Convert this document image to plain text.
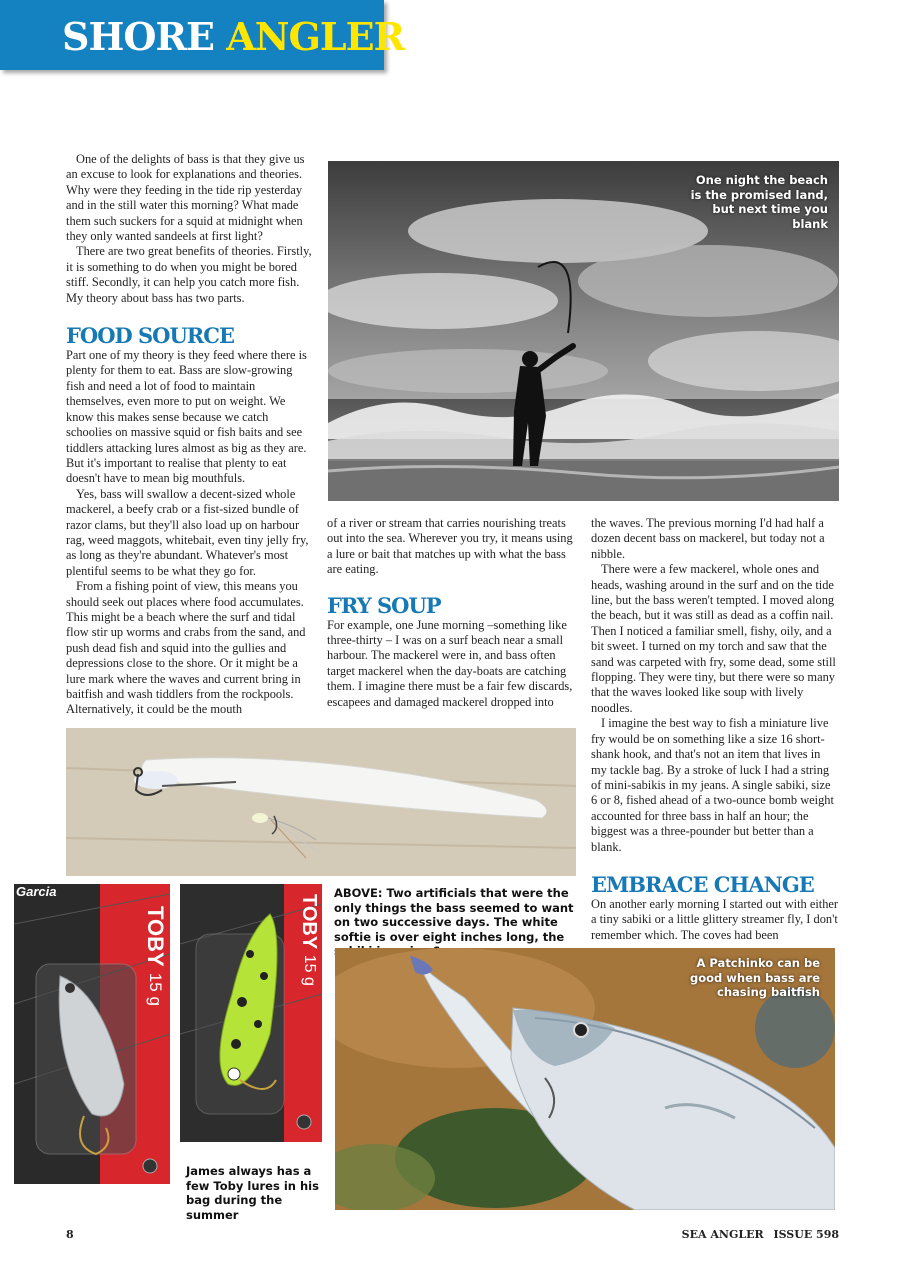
SHORE ANGLER

One of the delights of bass is that they give us an excuse to look for explanations and theories. Why were they feeding in the tide rip yesterday and in the still water this morning? What made them such suckers for a squid at midnight when they only wanted sandeels at first light?

There are two great benefits of theories. Firstly, it is something to do when you might be bored stiff. Secondly, it can help you catch more fish. My theory about bass has two parts.

FOOD SOURCE

Part one of my theory is they feed where there is plenty for them to eat. Bass are slow-growing fish and need a lot of food to maintain themselves, even more to put on weight. We know this makes sense because we catch schoolies on massive squid or fish baits and see tiddlers attacking lures almost as big as they are. But it's important to realise that plenty to eat doesn't have to mean big mouthfuls.

Yes, bass will swallow a decent-sized whole mackerel, a beefy crab or a fist-sized bundle of razor clams, but they'll also load up on harbour rag, weed maggots, whitebait, even tiny jelly fry, as long as they're abundant. Whatever's most plentiful seems to be what they go for.

From a fishing point of view, this means you should seek out places where food accumulates. This might be a beach where the surf and tidal flow stir up worms and crabs from the sand, and push dead fish and squid into the gullies and depressions close to the shore. Or it might be a lure mark where the waves and current bring in baitfish and wash tiddlers from the rockpools. Alternatively, it could be the mouth

One night the beach is the promised land, but next time you blank

of a river or stream that carries nourishing treats out into the sea. Wherever you try, it means using a lure or bait that matches up with what the bass are eating.

FRY SOUP

For example, one June morning –something like three-thirty – I was on a surf beach near a small harbour. The mackerel were in, and bass often target mackerel when the day-boats are catching them. I imagine there must be a fair few discards, escapees and damaged mackerel dropped into

the waves. The previous morning I'd had half a dozen decent bass on mackerel, but today not a nibble.

There were a few mackerel, whole ones and heads, washing around in the surf and on the tide line, but the bass weren't tempted. I moved along the beach, but it was still as dead as a coffin nail. Then I noticed a familiar smell, fishy, oily, and a bit sweet. I turned on my torch and saw that the sand was carpeted with fry, some dead, some still flopping. They were tiny, but there were so many that the waves looked like soup with lively noodles.

I imagine the best way to fish a miniature live fry would be on something like a size 16 short-shank hook, and that's not an item that lives in my tackle bag. By a stroke of luck I had a string of mini-sabikis in my jeans. A single sabiki, size 6 or 8, fished ahead of a two-ounce bomb weight accounted for three bass in half an hour; the biggest was a three-pounder but better than a blank.

EMBRACE CHANGE

On another early morning I started out with either a tiny sabiki or a little glittery streamer fly, I don't remember which. The coves had been

ABOVE: Two artificials that were the only things the bass seemed to want on two successive days. The white softie is over eight inches long, the
Garcia
TOBY 15 g
TOBY 15 g
James always has a few Toby lures in his bag during the summer
A Patchinko can be good when bass are chasing baitfish
8	SEA ANGLER ISSUE 598
